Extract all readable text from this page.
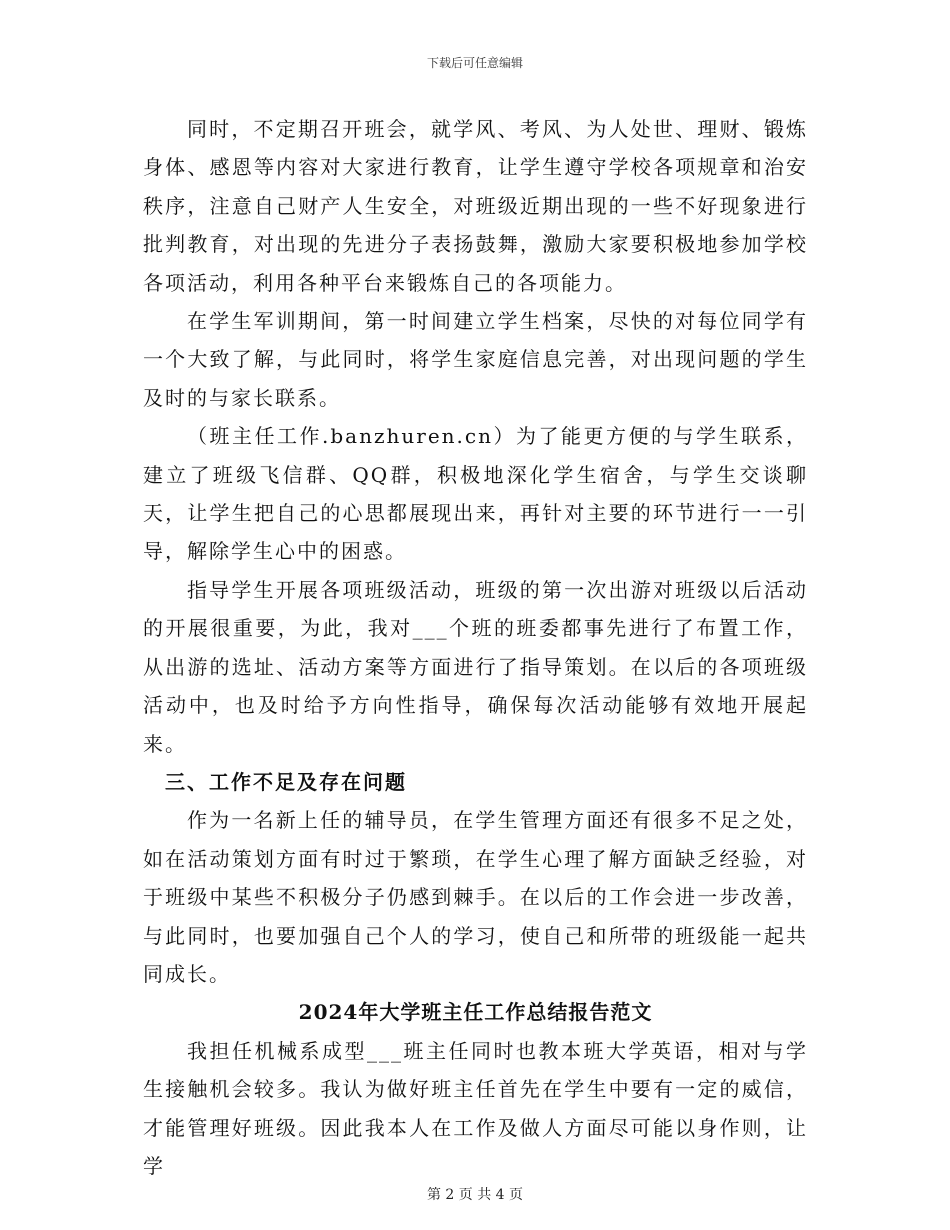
下载后可任意编辑

同时，不定期召开班会，就学风、考风、为人处世、理财、锻炼身体、感恩等内容对大家进行教育，让学生遵守学校各项规章和治安秩序，注意自己财产人生安全，对班级近期出现的一些不好现象进行批判教育，对出现的先进分子表扬鼓舞，激励大家要积极地参加学校各项活动，利用各种平台来锻炼自己的各项能力。

在学生军训期间，第一时间建立学生档案，尽快的对每位同学有一个大致了解，与此同时，将学生家庭信息完善，对出现问题的学生及时的与家长联系。

（班主任工作.banzhuren.cn）为了能更方便的与学生联系，建立了班级飞信群、QQ群，积极地深化学生宿舍，与学生交谈聊天，让学生把自己的心思都展现出来，再针对主要的环节进行一一引导，解除学生心中的困惑。

指导学生开展各项班级活动，班级的第一次出游对班级以后活动的开展很重要，为此，我对___个班的班委都事先进行了布置工作，从出游的选址、活动方案等方面进行了指导策划。在以后的各项班级活动中，也及时给予方向性指导，确保每次活动能够有效地开展起来。

三、工作不足及存在问题

作为一名新上任的辅导员，在学生管理方面还有很多不足之处，如在活动策划方面有时过于繁琐，在学生心理了解方面缺乏经验，对于班级中某些不积极分子仍感到棘手。在以后的工作会进一步改善，与此同时，也要加强自己个人的学习，使自己和所带的班级能一起共同成长。

2024年大学班主任工作总结报告范文

我担任机械系成型___班主任同时也教本班大学英语，相对与学生接触机会较多。我认为做好班主任首先在学生中要有一定的威信，才能管理好班级。因此我本人在工作及做人方面尽可能以身作则，让学

第 2 页 共 4 页
